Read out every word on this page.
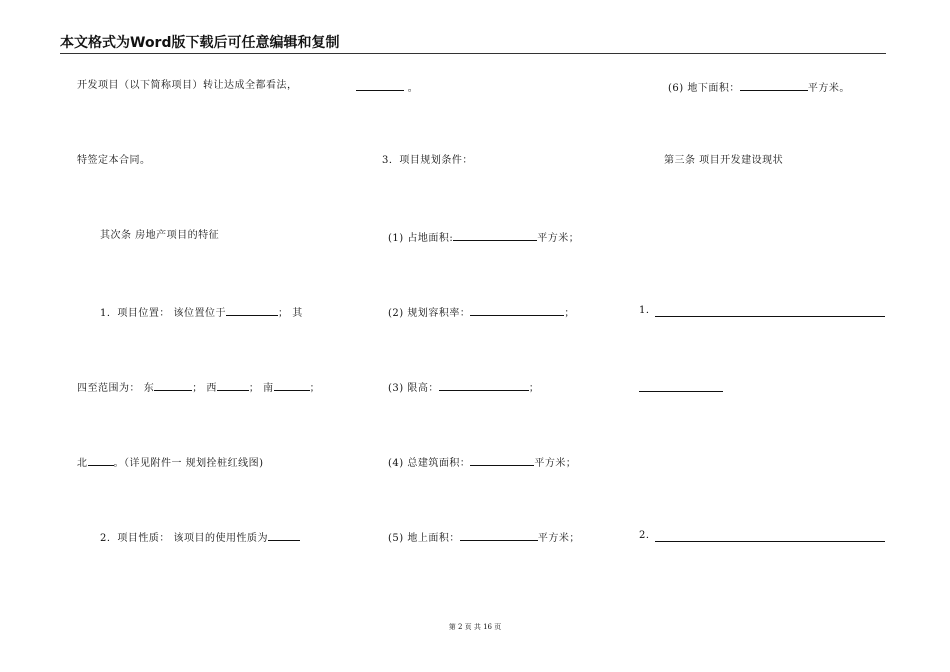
本文格式为Word版下载后可任意编辑和复制
开发项目（以下简称项目）转让达成全都看法，	。
特签定本合同。
其次条 房地产项目的特征
1．项目位置： 该位置位于	； 其
四至范围为： 东	； 西	； 南	；
北	。（详见附件一 规划拴桩红线图)
2．项目性质： 该项目的使用性质为
3．项目规划条件：
(1) 占地面积:	平方米；
(2) 规划容积率：	；
(3) 限高：	；
(4) 总建筑面积：	平方米；
(5) 地上面积：	平方米；
(6) 地下面积：	平方米。
第三条 项目开发建设现状
1．
2．
第 2 页 共 16 页
